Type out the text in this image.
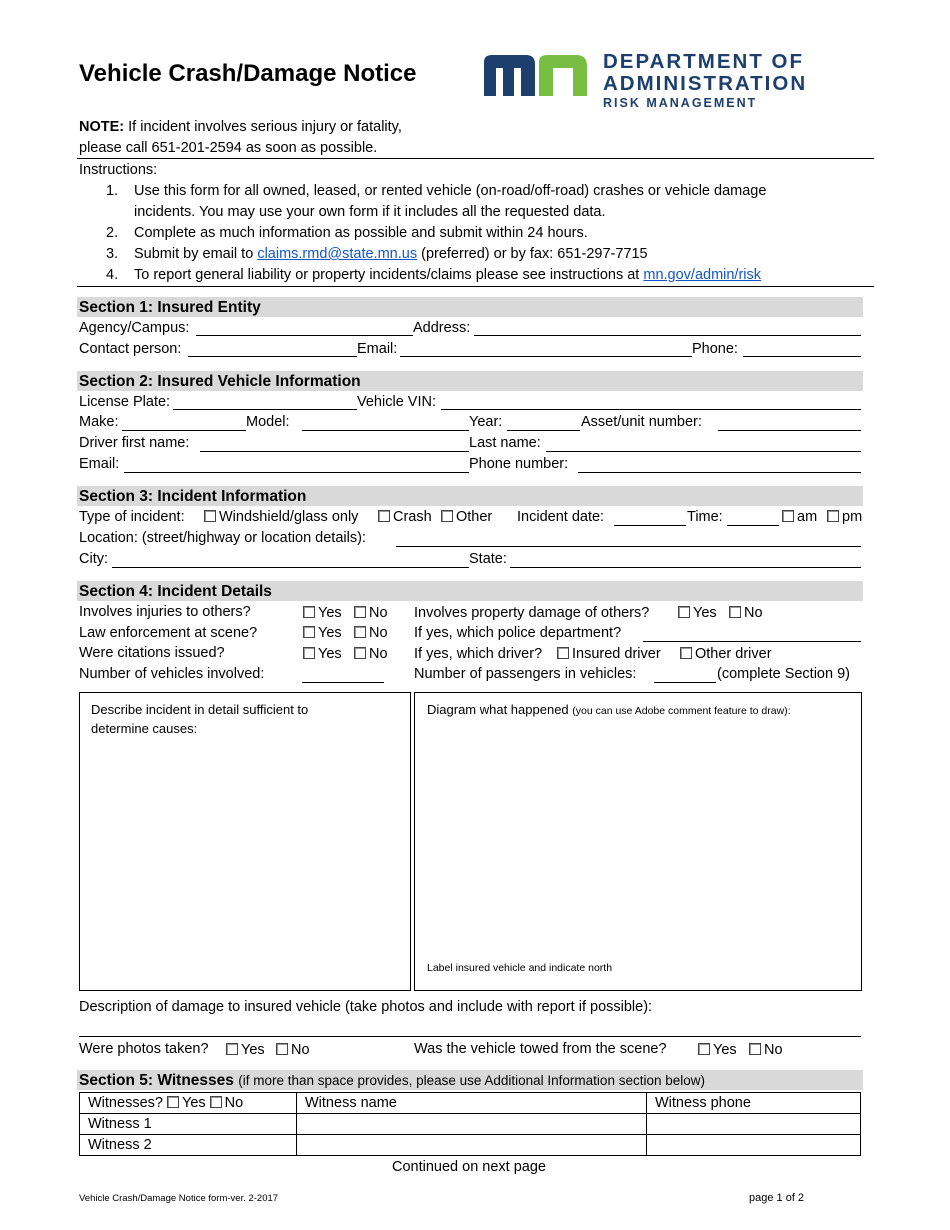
Vehicle Crash/Damage Notice	DEPARTMENT OF
ADMINISTRATION
RISK MANAGEMENT
NOTE: If incident involves serious injury or fatality,
please call 651-201-2594 as soon as possible.
Instructions:
1. Use this form for all owned, leased, or rented vehicle (on-road/off-road) crashes or vehicle damage
incidents. You may use your own form if it includes all the requested data.
2. Complete as much information as possible and submit within 24 hours.
3. Submit by email to claims.rmd@state.mn.us (preferred) or by fax: 651-297-7715
4. To report general liability or property incidents/claims please see instructions at mn.gov/admin/risk
Section 1: Insured Entity
Agency/Campus:	Address:
Contact person:	Email:	Phone:
Section 2: Insured Vehicle Information
License Plate:	Vehicle VIN:
Make:	Model:	Year:	Asset/unit number:
Driver first name:	Last name:
Email:	Phone number:
Section 3: Incident Information
Type of incident:	Windshield/glass only	Crash	Other Incident date:	Time:	am	pm
Location: (street/highway or location details):
City:	State:
Section 4: Incident Details
Involves injuries to others?	Yes	No Involves property damage of others?	Yes	No
Law enforcement at scene?	Yes	No If yes, which police department?
Were citations issued?	Yes	No If yes, which driver?	Insured driver	Other driver
Number of vehicles involved:	Number of passengers in vehicles:	(complete Section 9)
Describe incident in detail sufficient to
determine causes:
Diagram what happened (you can use Adobe comment feature to draw):
Label insured vehicle and indicate north
Description of damage to insured vehicle (take photos and include with report if possible):
Were photos taken?	Yes	No	Was the vehicle towed from the scene?	Yes	No
Section 5: Witnesses (if more than space provides, please use Additional Information section below)
Witnesses? Yes No	Witness name	Witness phone
Witness 1		
Witness 2		
Continued on next page
Vehicle Crash/Damage Notice form-ver. 2-2017	page 1 of 2
